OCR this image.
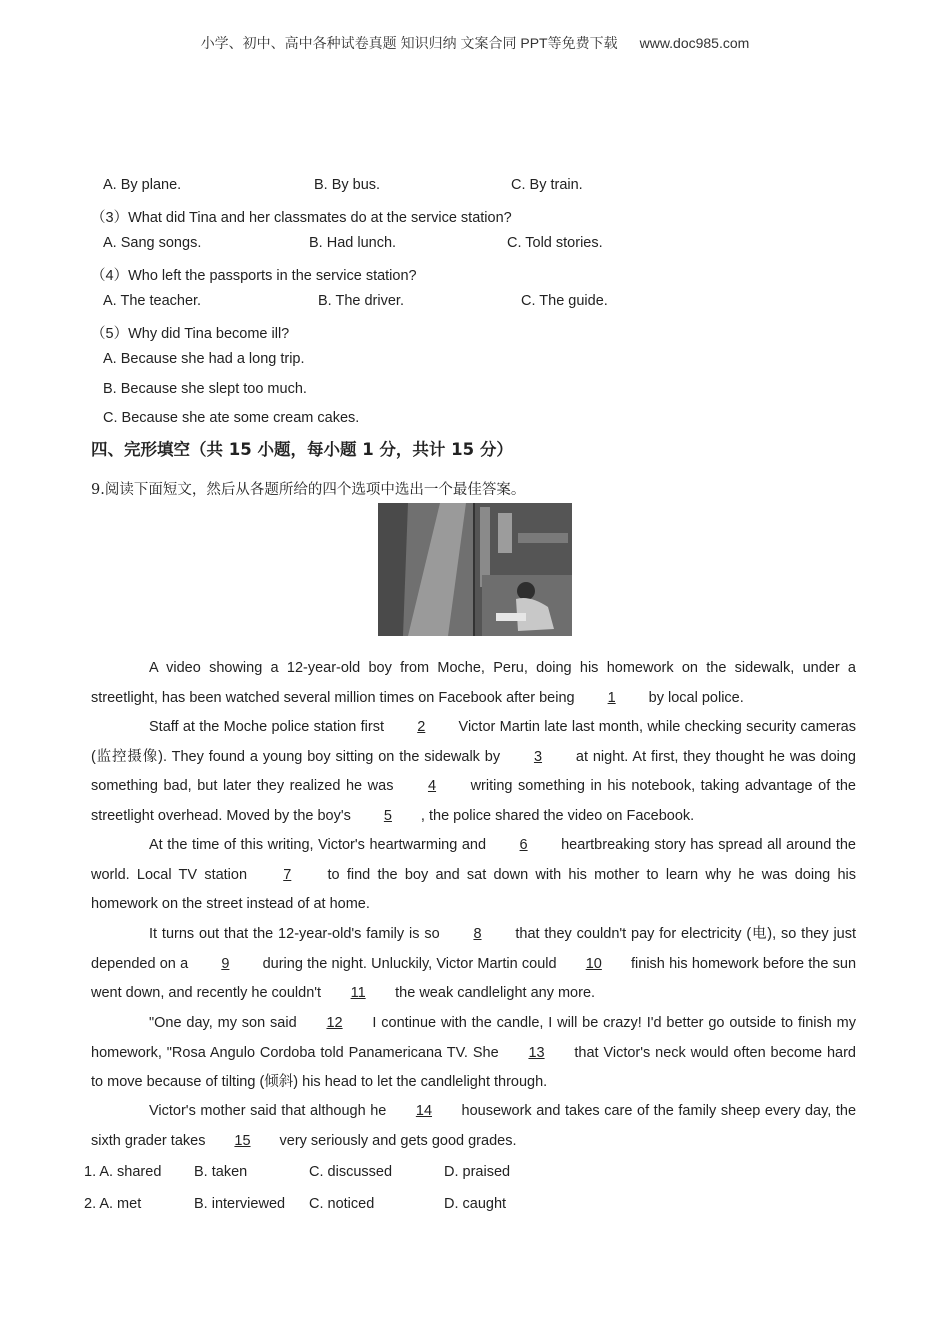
小学、初中、高中各种试卷真题 知识归纳 文案合同 PPT等免费下载 www.doc985.com
A. By plane.	B. By bus.	C. By train.
（3）What did Tina and her classmates do at the service station?
A. Sang songs.	B. Had lunch.	C. Told stories.
（4）Who left the passports in the service station?
A. The teacher.	B. The driver.	C. The guide.
（5）Why did Tina become ill?
A. Because she had a long trip.
B. Because she slept too much.
C. Because she ate some cream cakes.
四、完形填空（共 15 小题，每小题 1 分，共计 15 分）
9.阅读下面短文，然后从各题所给的四个选项中选出一个最佳答案。
A video showing a 12-year-old boy from Moche, Peru, doing his homework on the sidewalk, under a streetlight, has been watched several million times on Facebook after being 1 by local police.
Staff at the Moche police station first 2 Victor Martin late last month, while checking security cameras (监控摄像). They found a young boy sitting on the sidewalk by 3 at night. At first, they thought he was doing something bad, but later they realized he was 4 writing something in his notebook, taking advantage of the streetlight overhead. Moved by the boy's 5 , the police shared the video on Facebook.
At the time of this writing, Victor's heartwarming and 6 heartbreaking story has spread all around the world. Local TV station 7 to find the boy and sat down with his mother to learn why he was doing his homework on the street instead of at home.
It turns out that the 12-year-old's family is so 8 that they couldn't pay for electricity (电), so they just depended on a 9 during the night. Unluckily, Victor Martin could 10 finish his homework before the sun went down, and recently he couldn't 11 the weak candlelight any more.
"One day, my son said 12 I continue with the candle, I will be crazy! I'd better go outside to finish my homework, "Rosa Angulo Cordoba told Panamericana TV. She 13 that Victor's neck would often become hard to move because of tilting (倾斜) his head to let the candlelight through.
Victor's mother said that although he 14 housework and takes care of the family sheep every day, the sixth grader takes 15 very seriously and gets good grades.
1. A. shared B. taken	C. discussed	D. praised
2. A. met	B. interviewed C. noticed	D. caught
